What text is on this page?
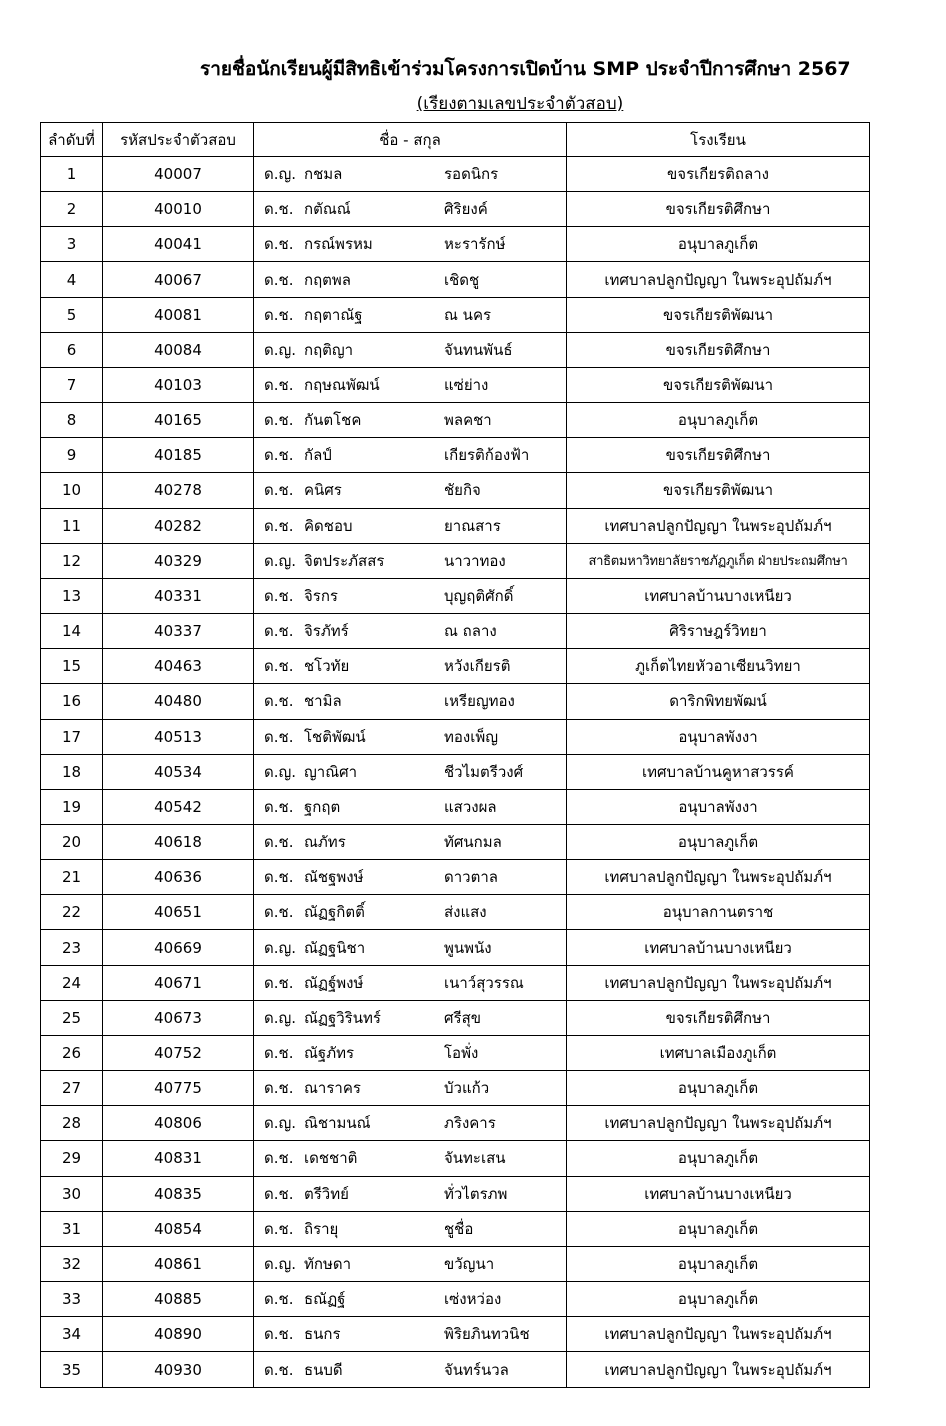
รายชื่อนักเรียนผู้มีสิทธิเข้าร่วมโครงการเปิดบ้าน SMP ประจำปีการศึกษา 2567
(เรียงตามเลขประจำตัวสอบ)
ลำดับที่	รหัสประจำตัวสอบ	ชื่อ - สกุล	โรงเรียน
1	40007	ด.ญ. กชมล รอดนิกร	ขจรเกียรติถลาง
2	40010	ด.ช. กตัณณ์ ศิริยงค์	ขจรเกียรติศึกษา
3	40041	ด.ช. กรณ์พรหม หะรารักษ์	อนุบาลภูเก็ต
4	40067	ด.ช. กฤตพล เชิดชู	เทศบาลปลูกปัญญา ในพระอุปถัมภ์ฯ
5	40081	ด.ช. กฤตาณัฐ ณ นคร	ขจรเกียรติพัฒนา
6	40084	ด.ญ. กฤติญา จันทนพันธ์	ขจรเกียรติศึกษา
7	40103	ด.ช. กฤษณพัฒน์ แซ่ย่าง	ขจรเกียรติพัฒนา
8	40165	ด.ช. กันตโชค พลคชา	อนุบาลภูเก็ต
9	40185	ด.ช. กัลป์ เกียรติก้องฟ้า	ขจรเกียรติศึกษา
10	40278	ด.ช. คนิศร ชัยกิจ	ขจรเกียรติพัฒนา
11	40282	ด.ช. คิดชอบ ยาณสาร	เทศบาลปลูกปัญญา ในพระอุปถัมภ์ฯ
12	40329	ด.ญ. จิตประภัสสร นาวาทอง	สาธิตมหาวิทยาลัยราชภัฏภูเก็ต ฝ่ายประถมศึกษา
13	40331	ด.ช. จิรกร บุญฤติศักดิ์	เทศบาลบ้านบางเหนียว
14	40337	ด.ช. จิรภัทร์ ณ ถลาง	ศิริราษฎร์วิทยา
15	40463	ด.ช. ชโวทัย หวังเกียรติ	ภูเก็ตไทยหัวอาเซียนวิทยา
16	40480	ด.ช. ชามิล เหรียญทอง	ดาริกพิทยพัฒน์
17	40513	ด.ช. โชติพัฒน์ ทองเพ็ญ	อนุบาลพังงา
18	40534	ด.ญ. ญาณิศา ชีวไมตรีวงศ์	เทศบาลบ้านคูหาสวรรค์
19	40542	ด.ช. ฐกฤต แสวงผล	อนุบาลพังงา
20	40618	ด.ช. ณภัทร ทัศนกมล	อนุบาลภูเก็ต
21	40636	ด.ช. ณัชฐพงษ์ ดาวตาล	เทศบาลปลูกปัญญา ในพระอุปถัมภ์ฯ
22	40651	ด.ช. ณัฏฐกิตติ์ ส่งแสง	อนุบาลกานตราช
23	40669	ด.ญ. ณัฏฐนิชา พูนพนัง	เทศบาลบ้านบางเหนียว
24	40671	ด.ช. ณัฏฐ์พงษ์ เนาว์สุวรรณ	เทศบาลปลูกปัญญา ในพระอุปถัมภ์ฯ
25	40673	ด.ญ. ณัฏฐวิรินทร์ ศรีสุข	ขจรเกียรติศึกษา
26	40752	ด.ช. ณัฐภัทร โอพั่ง	เทศบาลเมืองภูเก็ต
27	40775	ด.ช. ณาราคร บัวแก้ว	อนุบาลภูเก็ต
28	40806	ด.ญ. ณิชามนณ์ ภริงคาร	เทศบาลปลูกปัญญา ในพระอุปถัมภ์ฯ
29	40831	ด.ช. เดชชาติ จันทะเสน	อนุบาลภูเก็ต
30	40835	ด.ช. ตรีวิทย์ ทั่วไตรภพ	เทศบาลบ้านบางเหนียว
31	40854	ด.ช. ถิรายุ ชูชื่อ	อนุบาลภูเก็ต
32	40861	ด.ญ. ทักษดา ขวัญนา	อนุบาลภูเก็ต
33	40885	ด.ช. ธณัฏฐ์ เซ่งหว่อง	อนุบาลภูเก็ต
34	40890	ด.ช. ธนกร พิริยภินทวนิช	เทศบาลปลูกปัญญา ในพระอุปถัมภ์ฯ
35	40930	ด.ช. ธนบดี จันทร์นวล	เทศบาลปลูกปัญญา ในพระอุปถัมภ์ฯ
